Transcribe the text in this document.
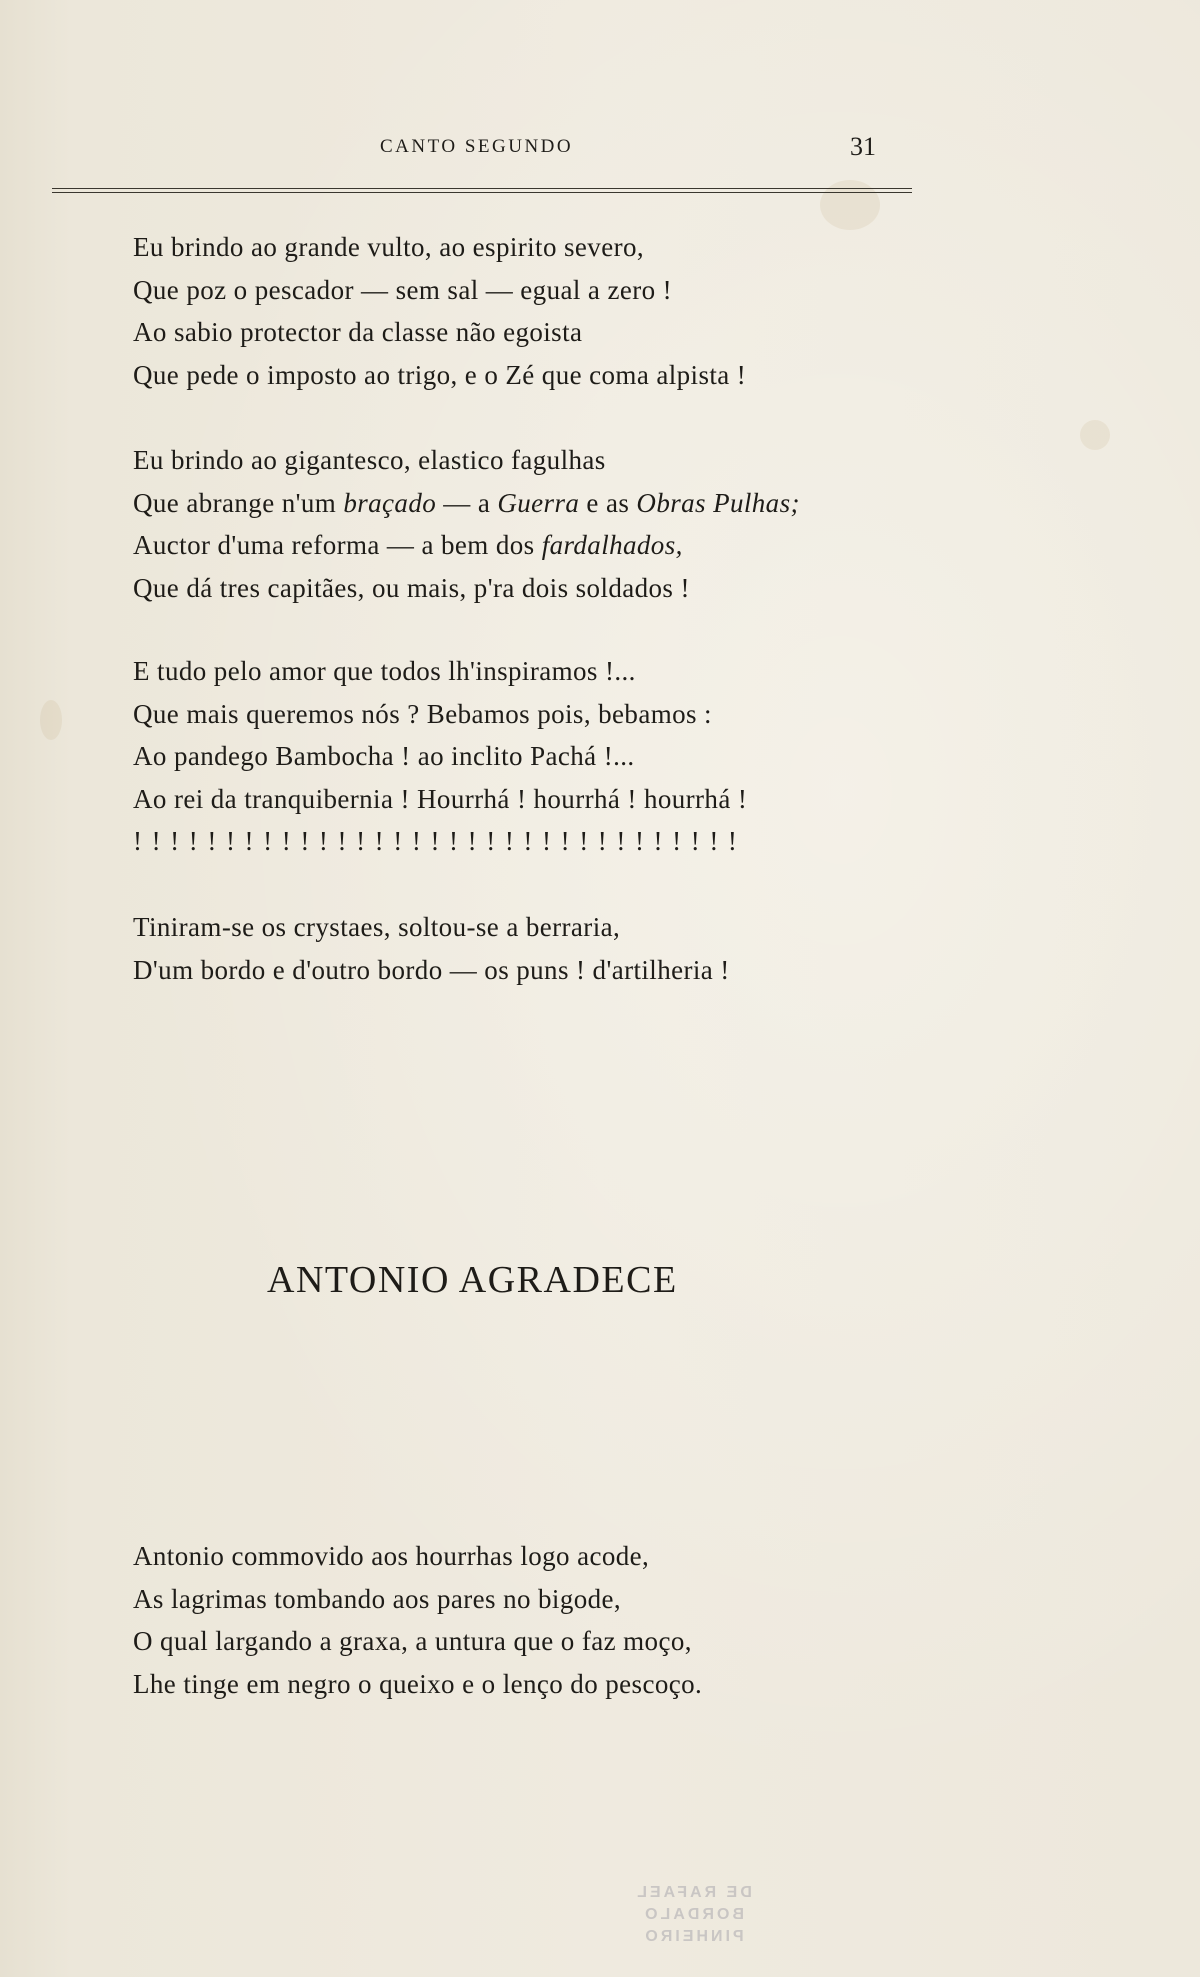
CANTO SEGUNDO	31
Eu brindo ao grande vulto, ao espirito severo,
Que poz o pescador — sem sal — egual a zero !
Ao sabio protector da classe não egoista
Que pede o imposto ao trigo, e o Zé que coma alpista !
Eu brindo ao gigantesco, elastico fagulhas
Que abrange n'um braçado — a Guerra e as Obras Pulhas;
Auctor d'uma reforma — a bem dos fardalhados,
Que dá tres capitães, ou mais, p'ra dois soldados !
E tudo pelo amor que todos lh'inspiramos !...
Que mais queremos nós ? Bebamos pois, bebamos :
Ao pandego Bambocha ! ao inclito Pachá !...
Ao rei da tranquibernia ! Hourrhá ! hourrhá ! hourrhá !
!!!!!!!!!!!!!!!!!!!!!!!!!!!!!!!!!
Tiniram-se os crystaes, soltou-se a berraria,
D'um bordo e d'outro bordo — os puns ! d'artilheria !
ANTONIO AGRADECE
Antonio commovido aos hourrhas logo acode,
As lagrimas tombando aos pares no bigode,
O qual largando a graxa, a untura que o faz moço,
Lhe tinge em negro o queixo e o lenço do pescoço.
DE RAFAEL
BORDALO PINHEIRO
